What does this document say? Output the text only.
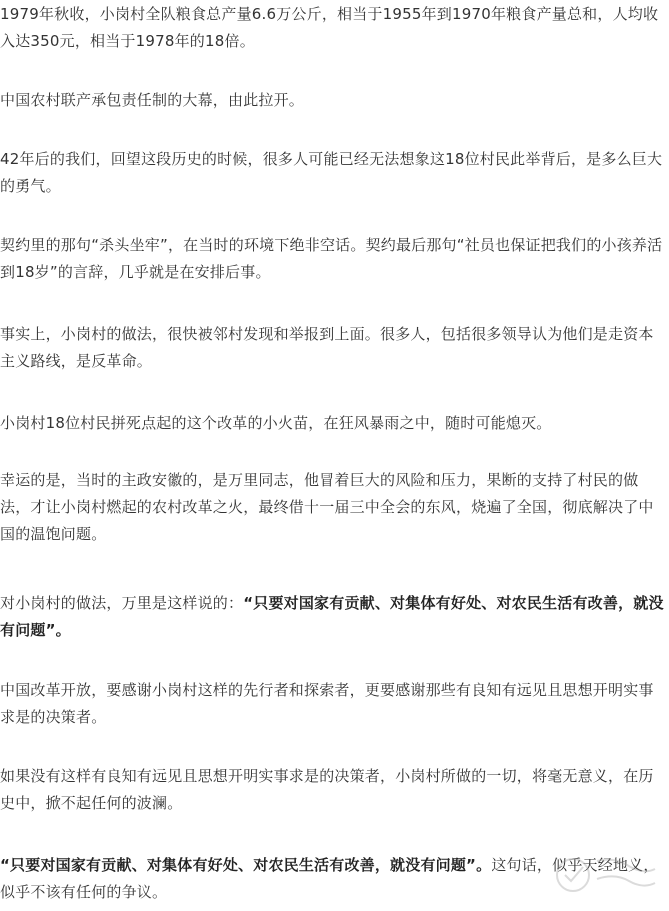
1979年秋收，小岗村全队粮食总产量6.6万公斤，相当于1955年到1970年粮食产量总和，人均收入达350元，相当于1978年的18倍。

中国农村联产承包责任制的大幕，由此拉开。

42年后的我们，回望这段历史的时候，很多人可能已经无法想象这18位村民此举背后，是多么巨大的勇气。

契约里的那句“杀头坐牢”，在当时的环境下绝非空话。契约最后那句“社员也保证把我们的小孩养活到18岁”的言辞，几乎就是在安排后事。

事实上，小岗村的做法，很快被邻村发现和举报到上面。很多人，包括很多领导认为他们是走资本主义路线，是反革命。

小岗村18位村民拼死点起的这个改革的小火苗，在狂风暴雨之中，随时可能熄灭。

幸运的是，当时的主政安徽的，是万里同志，他冒着巨大的风险和压力，果断的支持了村民的做法，才让小岗村燃起的农村改革之火，最终借十一届三中全会的东风，烧遍了全国，彻底解决了中国的温饱问题。

对小岗村的做法，万里是这样说的：“只要对国家有贡献、对集体有好处、对农民生活有改善，就没有问题”。

中国改革开放，要感谢小岗村这样的先行者和探索者，更要感谢那些有良知有远见且思想开明实事求是的决策者。

如果没有这样有良知有远见且思想开明实事求是的决策者，小岗村所做的一切，将毫无意义，在历史中，掀不起任何的波澜。

“只要对国家有贡献、对集体有好处、对农民生活有改善，就没有问题”。这句话，似乎天经地义，似乎不该有任何的争议。
